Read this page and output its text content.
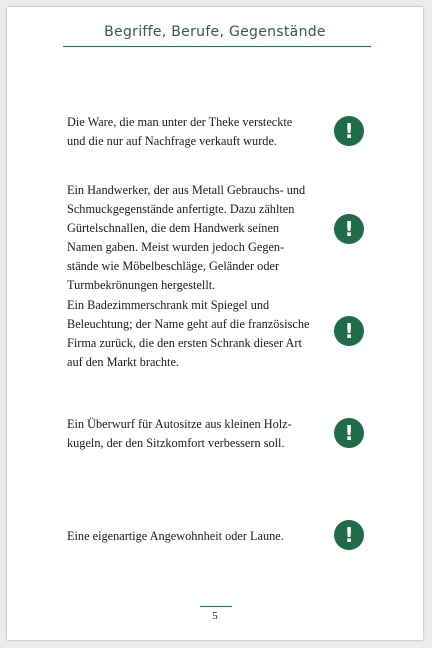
Begriffe, Berufe, Gegenstände
Die Ware, die man unter der Theke versteckte
und die nur auf Nachfrage verkauft wurde.	!
Ein Handwerker, der aus Metall Gebrauchs- und
Schmuckgegenstände anfertigte. Dazu zählten
Gürtelschnallen, die dem Handwerk seinen
Namen gaben. Meist wurden jedoch Gegen-
stände wie Möbelbeschläge, Geländer oder
Turmbekrönungen hergestellt.
!
Ein Badezimmerschrank mit Spiegel und
Beleuchtung; der Name geht auf die französische
Firma zurück, die den ersten Schrank dieser Art
auf den Markt brachte.
!
Ein Überwurf für Autositze aus kleinen Holz-
kugeln, der den Sitzkomfort verbessern soll.	!
Eine eigenartige Angewohnheit oder Laune.	!
5
